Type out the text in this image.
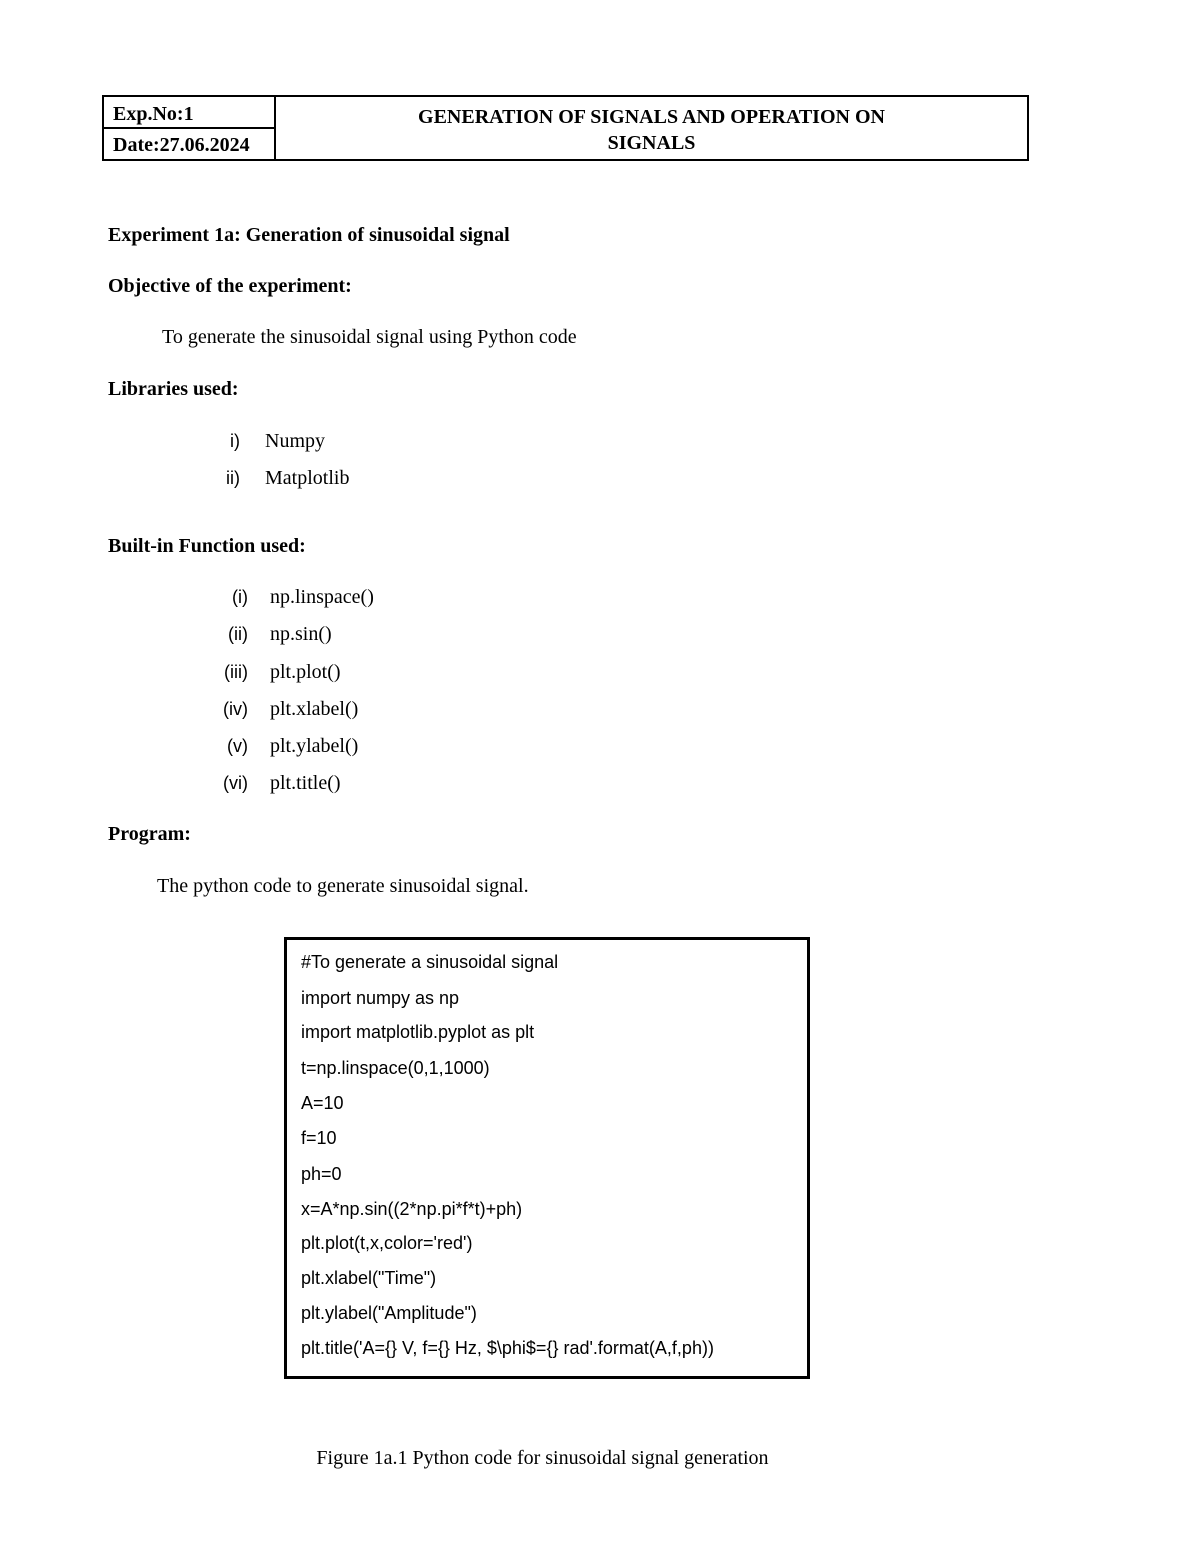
Exp.No:1
Date:27.06.2024
GENERATION OF SIGNALS AND OPERATION ON
SIGNALS
Experiment 1a: Generation of sinusoidal signal
Objective of the experiment:
To generate the sinusoidal signal using Python code
Libraries used:
i) Numpy
ii) Matplotlib
Built-in Function used:
(i) np.linspace()
(ii) np.sin()
(iii) plt.plot()
(iv) plt.xlabel()
(v) plt.ylabel()
(vi) plt.title()
Program:
The python code to generate sinusoidal signal.
#To generate a sinusoidal signal
import numpy as np
import matplotlib.pyplot as plt
t=np.linspace(0,1,1000)
A=10
f=10
ph=0
x=A*np.sin((2*np.pi*f*t)+ph)
plt.plot(t,x,color='red')
plt.xlabel("Time")
plt.ylabel("Amplitude")
plt.title('A={} V, f={} Hz, $\phi$={} rad'.format(A,f,ph))
Figure 1a.1 Python code for sinusoidal signal generation
